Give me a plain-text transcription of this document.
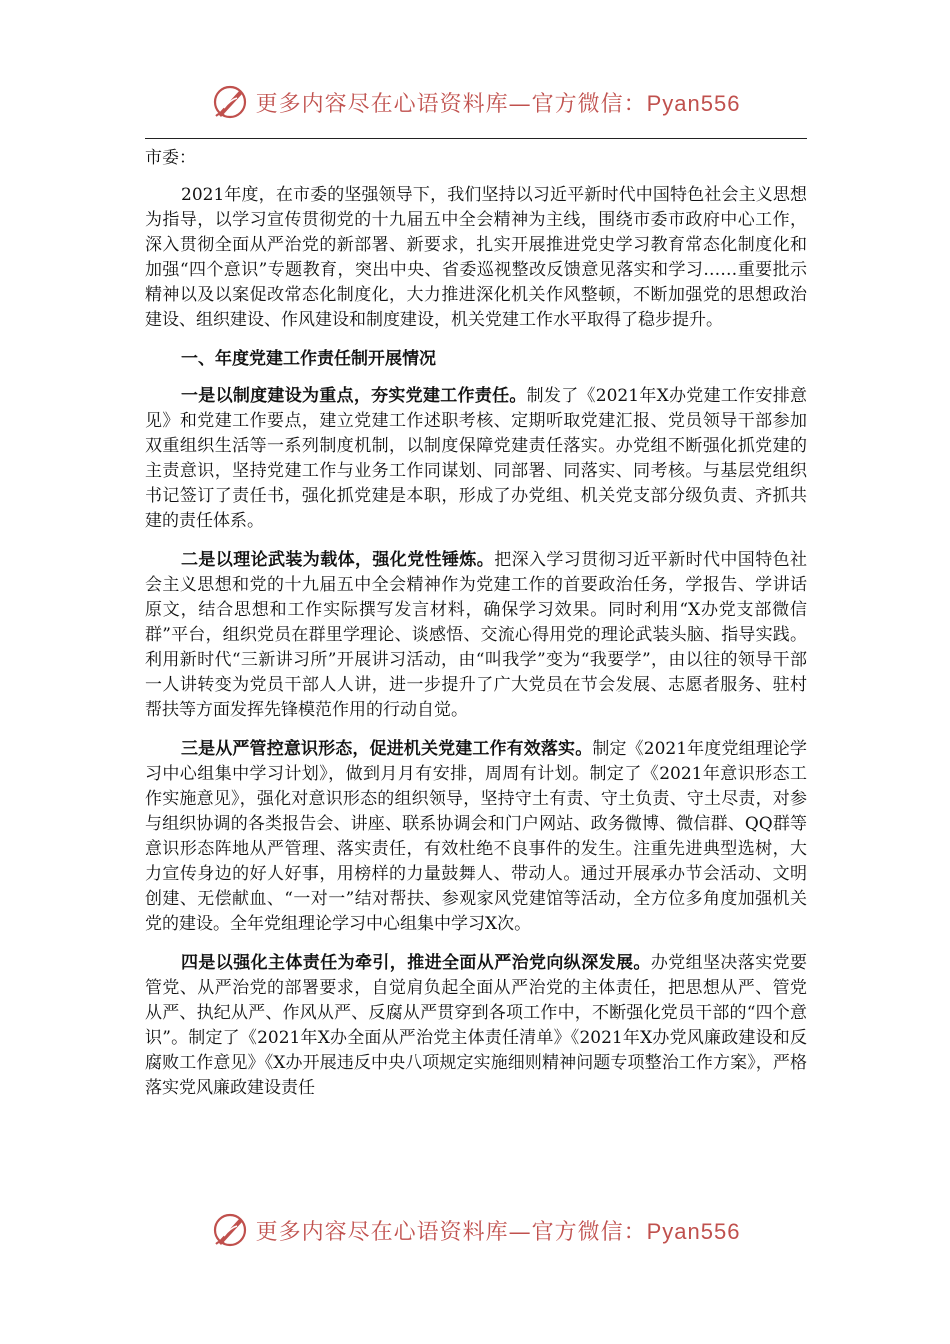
更多内容尽在心语资料库—官方微信：Pyan556

市委：

2021年度，在市委的坚强领导下，我们坚持以习近平新时代中国特色社会主义思想为指导，以学习宣传贯彻党的十九届五中全会精神为主线，围绕市委市政府中心工作，深入贯彻全面从严治党的新部署、新要求，扎实开展推进党史学习教育常态化制度化和加强“四个意识”专题教育，突出中央、省委巡视整改反馈意见落实和学习……重要批示精神以及以案促改常态化制度化，大力推进深化机关作风整顿，不断加强党的思想政治建设、组织建设、作风建设和制度建设，机关党建工作水平取得了稳步提升。

一、年度党建工作责任制开展情况

一是以制度建设为重点，夯实党建工作责任。制发了《2021年X办党建工作安排意见》和党建工作要点，建立党建工作述职考核、定期听取党建汇报、党员领导干部参加双重组织生活等一系列制度机制，以制度保障党建责任落实。办党组不断强化抓党建的主责意识，坚持党建工作与业务工作同谋划、同部署、同落实、同考核。与基层党组织书记签订了责任书，强化抓党建是本职，形成了办党组、机关党支部分级负责、齐抓共建的责任体系。

二是以理论武装为载体，强化党性锤炼。把深入学习贯彻习近平新时代中国特色社会主义思想和党的十九届五中全会精神作为党建工作的首要政治任务，学报告、学讲话原文，结合思想和工作实际撰写发言材料，确保学习效果。同时利用“X办党支部微信群”平台，组织党员在群里学理论、谈感悟、交流心得用党的理论武装头脑、指导实践。利用新时代“三新讲习所”开展讲习活动，由“叫我学”变为“我要学”，由以往的领导干部一人讲转变为党员干部人人讲，进一步提升了广大党员在节会发展、志愿者服务、驻村帮扶等方面发挥先锋模范作用的行动自觉。

三是从严管控意识形态，促进机关党建工作有效落实。制定《2021年度党组理论学习中心组集中学习计划》，做到月月有安排，周周有计划。制定了《2021年意识形态工作实施意见》，强化对意识形态的组织领导，坚持守土有责、守土负责、守土尽责，对参与组织协调的各类报告会、讲座、联系协调会和门户网站、政务微博、微信群、QQ群等意识形态阵地从严管理、落实责任，有效杜绝不良事件的发生。注重先进典型选树，大力宣传身边的好人好事，用榜样的力量鼓舞人、带动人。通过开展承办节会活动、文明创建、无偿献血、“一对一”结对帮扶、参观家风党建馆等活动，全方位多角度加强机关党的建设。全年党组理论学习中心组集中学习X次。

四是以强化主体责任为牵引，推进全面从严治党向纵深发展。办党组坚决落实党要管党、从严治党的部署要求，自觉肩负起全面从严治党的主体责任，把思想从严、管党从严、执纪从严、作风从严、反腐从严贯穿到各项工作中，不断强化党员干部的“四个意识”。制定了《2021年X办全面从严治党主体责任清单》《2021年X办党风廉政建设和反腐败工作意见》《X办开展违反中央八项规定实施细则精神问题专项整治工作方案》，严格落实党风廉政建设责任

更多内容尽在心语资料库—官方微信：Pyan556
